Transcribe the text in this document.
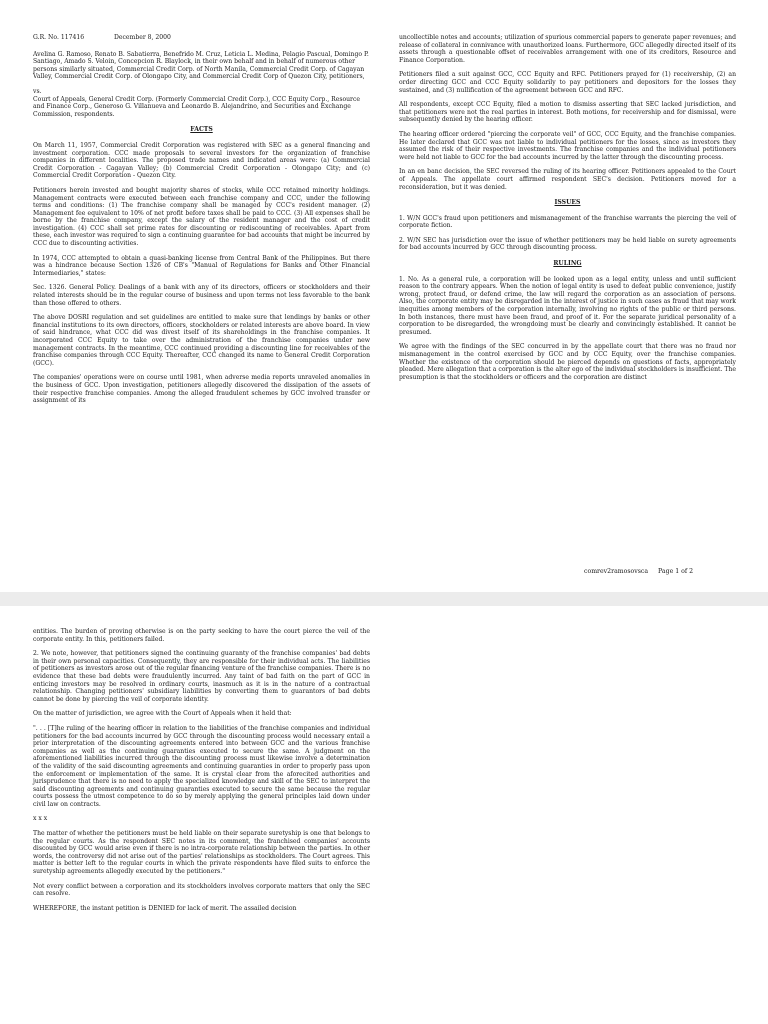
G.R. No. 117416	December 8, 2000

Avelina G. Ramoso, Renato B. Sabatierra, Benefrido M. Cruz, Leticia L. Medina, Pelagio Pascual, Domingo P. Santiago, Amado S. Veloin, Concepcion R. Blaylock, in their own behalf and in behalf of numerous other persons similarly situated, Commercial Credit Corp. of North Manila, Commercial Credit Corp. of Cagayan Valley, Commercial Credit Corp. of Olongapo City, and Commercial Credit Corp of Quezon City, petitioners,

vs.

Court of Appeals, General Credit Corp. (Formerly Commercial Credit Corp.), CCC Equity Corp., Resource and Finance Corp., Generoso G. Villanueva and Leonardo B. Alejandrino, and Securities and Exchange Commission, respondents.

FACTS

On March 11, 1957, Commercial Credit Corporation was registered with SEC as a general financing and investment corporation. CCC made proposals to several investors for the organization of franchise companies in different localities. The proposed trade names and indicated areas were: (a) Commercial Credit Corporation - Cagayan Valley; (b) Commercial Credit Corporation - Olongapo City; and (c) Commercial Credit Corporation - Quezon City.

Petitioners herein invested and bought majority shares of stocks, while CCC retained minority holdings. Management contracts were executed between each franchise company and CCC, under the following terms and conditions: (1) The franchise company shall be managed by CCC's resident manager. (2) Management fee equivalent to 10% of net profit before taxes shall be paid to CCC. (3) All expenses shall be borne by the franchise company, except the salary of the resident manager and the cost of credit investigation. (4) CCC shall set prime rates for discounting or rediscounting of receivables. Apart from these, each investor was required to sign a continuing guarantee for bad accounts that might be incurred by CCC due to discounting activities.

In 1974, CCC attempted to obtain a quasi-banking license from Central Bank of the Philippines. But there was a hindrance because Section 1326 of CB's "Manual of Regulations for Banks and Other Financial Intermediaries," states:

Sec. 1326. General Policy. Dealings of a bank with any of its directors, officers or stockholders and their related interests should be in the regular course of business and upon terms not less favorable to the bank than those offered to others.

The above DOSRI regulation and set guidelines are entitled to make sure that lendings by banks or other financial institutions to its own directors, officers, stockholders or related interests are above board. In view of said hindrance, what CCC did was divest itself of its shareholdings in the franchise companies. It incorporated CCC Equity to take over the administration of the franchise companies under new management contracts. In the meantime, CCC continued providing a discounting line for receivables of the franchise companies through CCC Equity. Thereafter, CCC changed its name to General Credit Corporation (GCC).

The companies' operations were on course until 1981, when adverse media reports unraveled anomalies in the business of GCC. Upon investigation, petitioners allegedly discovered the dissipation of the assets of their respective franchise companies. Among the alleged fraudulent schemes by GCC involved transfer or assignment of its

uncollectible notes and accounts; utilization of spurious commercial papers to generate paper revenues; and release of collateral in connivance with unauthorized loans. Furthermore, GCC allegedly directed itself of its assets through a questionable offset of receivables arrangement with one of its creditors, Resource and Finance Corporation.

Petitioners filed a suit against GCC, CCC Equity and RFC. Petitioners prayed for (1) receivership, (2) an order directing GCC and CCC Equity solidarily to pay petitioners and depositors for the losses they sustained, and (3) nullification of the agreement between GCC and RFC.

All respondents, except CCC Equity, filed a motion to dismiss asserting that SEC lacked jurisdiction, and that petitioners were not the real parties in interest. Both motions, for receivership and for dismissal, were subsequently denied by the hearing officer.

The hearing officer ordered "piercing the corporate veil" of GCC, CCC Equity, and the franchise companies. He later declared that GCC was not liable to individual petitioners for the losses, since as investors they assumed the risk of their respective investments. The franchise companies and the individual petitioners were held not liable to GCC for the bad accounts incurred by the latter through the discounting process.

In an en banc decision, the SEC reversed the ruling of its hearing officer. Petitioners appealed to the Court of Appeals. The appellate court affirmed respondent SEC's decision. Petitioners moved for a reconsideration, but it was denied.

ISSUES

1. W/N GCC's fraud upon petitioners and mismanagement of the franchise warrants the piercing the veil of corporate fiction.

2. W/N SEC has jurisdiction over the issue of whether petitioners may be held liable on surety agreements for bad accounts incurred by GCC through discounting process.

RULING

1. No. As a general rule, a corporation will be looked upon as a legal entity, unless and until sufficient reason to the contrary appears. When the notion of legal entity is used to defeat public convenience, justify wrong, protect fraud, or defend crime, the law will regard the corporation as an association of persons. Also, the corporate entity may be disregarded in the interest of justice in such cases as fraud that may work inequities among members of the corporation internally, involving no rights of the public or third persons. In both instances, there must have been fraud, and proof of it. For the separate juridical personality of a corporation to be disregarded, the wrongdoing must be clearly and convincingly established. It cannot be presumed.

We agree with the findings of the SEC concurred in by the appellate court that there was no fraud nor mismanagement in the control exercised by GCC and by CCC Equity, over the franchise companies. Whether the existence of the corporation should be pierced depends on questions of facts, appropriately pleaded. Mere allegation that a corporation is the alter ego of the individual stockholders is insufficient. The presumption is that the stockholders or officers and the corporation are distinct

comrev2ramosovsca Page 1 of 2

entities. The burden of proving otherwise is on the party seeking to have the court pierce the veil of the corporate entity. In this, petitioners failed.

2. We note, however, that petitioners signed the continuing guaranty of the franchise companies' bad debts in their own personal capacities. Consequently, they are responsible for their individual acts. The liabilities of petitioners as investors arose out of the regular financing venture of the franchise companies. There is no evidence that these bad debts were fraudulently incurred. Any taint of bad faith on the part of GCC in enticing investors may be resolved in ordinary courts, inasmuch as it is in the nature of a contractual relationship. Changing petitioners' subsidiary liabilities by converting them to guarantors of bad debts cannot be done by piercing the veil of corporate identity.

On the matter of jurisdiction, we agree with the Court of Appeals when it held that:

". . . [T]he ruling of the hearing officer in relation to the liabilities of the franchise companies and individual petitioners for the bad accounts incurred by GCC through the discounting process would necessary entail a prior interpretation of the discounting agreements entered into between GCC and the various franchise companies as well as the continuing guaranties executed to secure the same. A judgment on the aforementioned liabilities incurred through the discounting process must likewise involve a determination of the validity of the said discounting agreements and continuing guaranties in order to properly pass upon the enforcement or implementation of the same. It is crystal clear from the aforecited authorities and jurisprudence that there is no need to apply the specialized knowledge and skill of the SEC to interpret the said discounting agreements and continuing guaranties executed to secure the same because the regular courts possess the utmost competence to do so by merely applying the general principles laid down under civil law on contracts.

x x x

The matter of whether the petitioners must be held liable on their separate suretyship is one that belongs to the regular courts. As the respondent SEC notes in its comment, the franchised companies' accounts discounted by GCC would arise even if there is no intra-corporate relationship between the parties. In other words, the controversy did not arise out of the parties' relationships as stockholders. The Court agrees. This matter is better left to the regular courts in which the private respondents have filed suits to enforce the suretyship agreements allegedly executed by the petitioners."

Not every conflict between a corporation and its stockholders involves corporate matters that only the SEC can resolve.

WHEREFORE, the instant petition is DENIED for lack of merit. The assailed decision
